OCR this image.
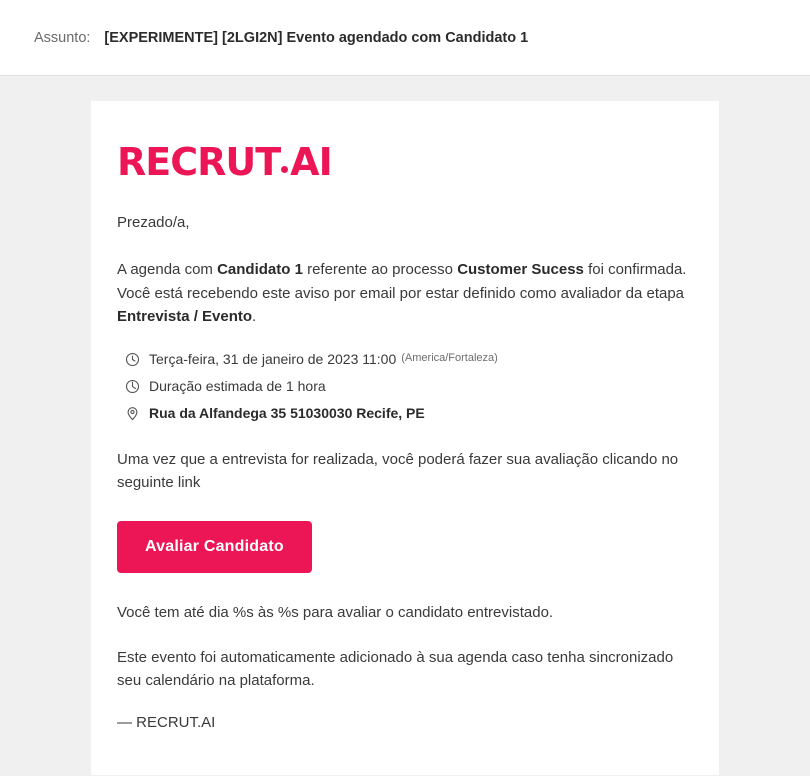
Assunto: [EXPERIMENTE] [2LGI2N] Evento agendado com Candidato 1
RECRUT AI

Prezado/a,

A agenda com Candidato 1 referente ao processo Customer Sucess foi confirmada. Você está recebendo este aviso por email por estar definido como avaliador da etapa Entrevista / Evento.

Terça-feira, 31 de janeiro de 2023 11:00 (America/Fortaleza)
Duração estimada de 1 hora
Rua da Alfandega 35 51030030 Recife, PE

Uma vez que a entrevista for realizada, você poderá fazer sua avaliação clicando no seguinte link

Avaliar Candidato

Você tem até dia %s às %s para avaliar o candidato entrevistado.

Este evento foi automaticamente adicionado à sua agenda caso tenha sincronizado seu calendário na plataforma.

— RECRUT.AI
